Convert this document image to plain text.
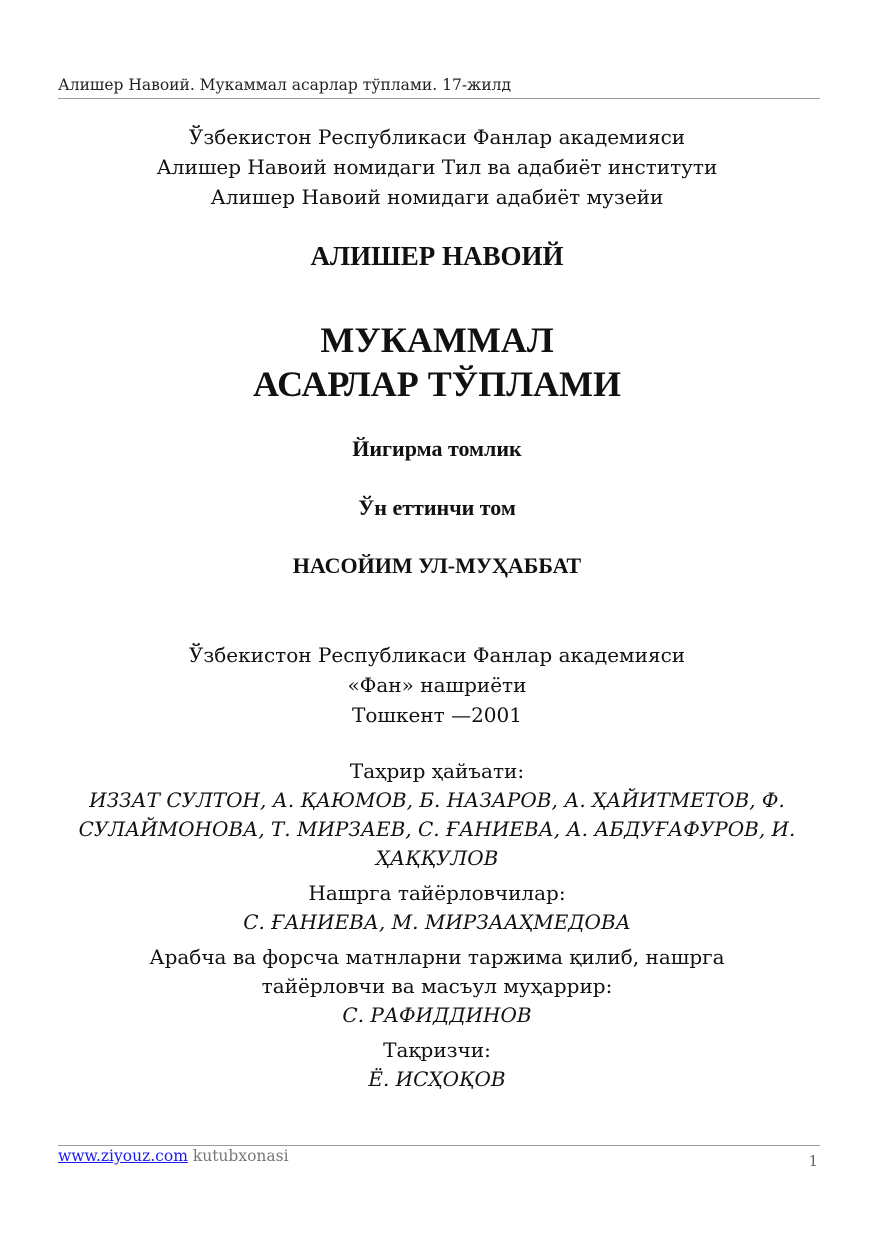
Алишер Навоий. Мукаммал асарлар тўплами. 17-жилд
Ўзбекистон Республикаси Фанлар академияси
Алишер Навоий номидаги Тил ва адабиёт институти
Алишер Навоий номидаги адабиёт музейи
АЛИШЕР НАВОИЙ
МУКАММАЛ
АСАРЛАР ТЎПЛАМИ
Йигирма томлик
Ўн еттинчи том
НАСОЙИМ УЛ-МУҲАББАТ
Ўзбекистон Республикаси Фанлар академияси
«Фан» нашриёти
Тошкент —2001
Таҳрир ҳайъати:
ИЗЗАТ СУЛТОН, А. ҚАЮМОВ, Б. НАЗАРОВ, А. ҲАЙИТМЕТОВ, Ф.
СУЛАЙМОНОВА, Т. МИРЗАЕВ, С. ҒАНИЕВА, А. АБДУҒАФУРОВ, И.
ҲАҚҚУЛОВ
Нашрга тайёрловчилар:
С. ҒАНИЕВА, М. МИРЗААҲМЕДОВА
Арабча ва форсча матнларни таржима қилиб, нашрга
тайёрловчи ва масъул муҳаррир:
С. РАФИДДИНОВ
Тақризчи:
Ё. ИСҲОҚОВ
www.ziyouz.com kutubxonasi	1
